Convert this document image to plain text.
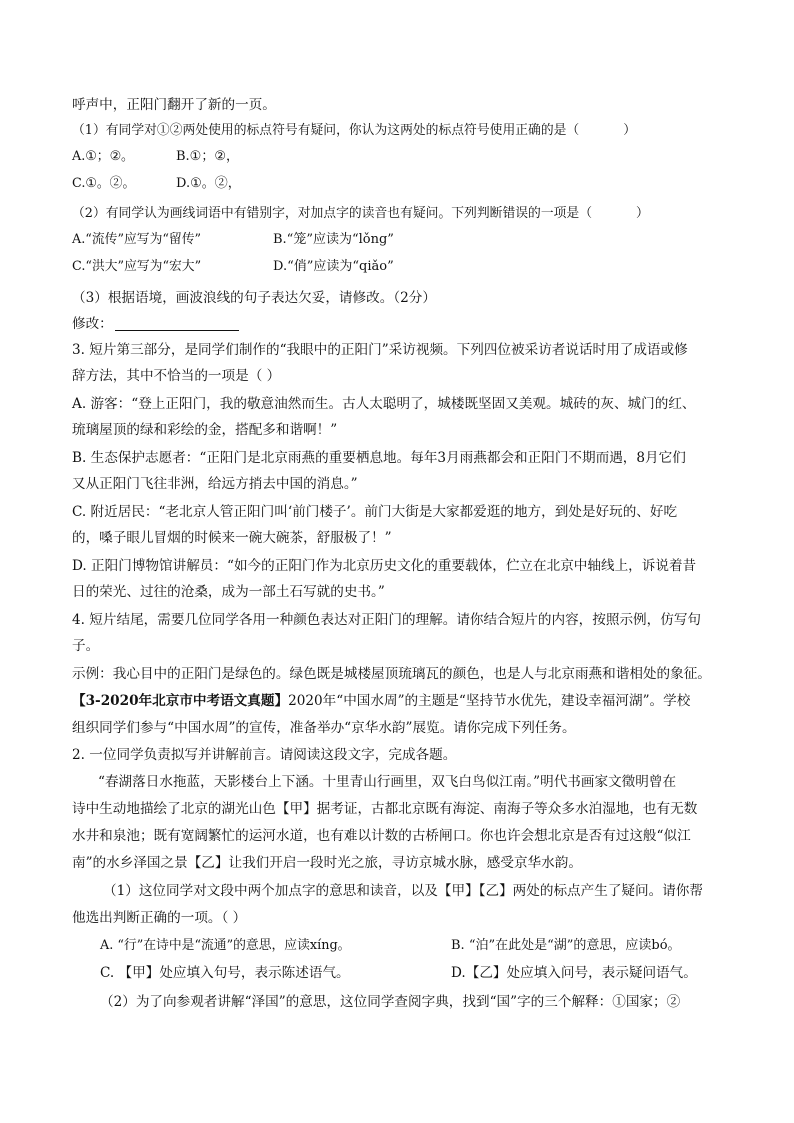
呼声中，正阳门翻开了新的一页。
（1）有同学对①②两处使用的标点符号有疑问，你认为这两处的标点符号使用正确的是（	）
A.①；②。	B.①；②，
C.①。②。	D.①。②，
（2）有同学认为画线词语中有错别字，对加点字的读音也有疑问。下列判断错误的一项是（	）
A.“流传”应写为“留传”	B.“笼”应读为“lǒng”
C.“洪大”应写为“宏大”	D.“俏”应读为“qiǎo”
（3）根据语境，画波浪线的句子表达欠妥，请修改。（2分）
修改：
3. 短片第三部分，是同学们制作的“我眼中的正阳门”采访视频。下列四位被采访者说话时用了成语或修
辞方法，其中不恰当的一项是（ ）
A. 游客：“登上正阳门，我的敬意油然而生。古人太聪明了，城楼既坚固又美观。城砖的灰、城门的红、
琉璃屋顶的绿和彩绘的金，搭配多和谐啊！”
B. 生态保护志愿者：“正阳门是北京雨燕的重要栖息地。每年3月雨燕都会和正阳门不期而遇，8月它们
又从正阳门飞往非洲，给远方捎去中国的消息。”
C. 附近居民：“老北京人管正阳门叫‘前门楼子’。前门大街是大家都爱逛的地方，到处是好玩的、好吃
的，嗓子眼儿冒烟的时候来一碗大碗茶，舒服极了！”
D. 正阳门博物馆讲解员：“如今的正阳门作为北京历史文化的重要载体，伫立在北京中轴线上，诉说着昔
日的荣光、过往的沧桑，成为一部土石写就的史书。”
4. 短片结尾，需要几位同学各用一种颜色表达对正阳门的理解。请你结合短片的内容，按照示例，仿写句
子。
示例：我心目中的正阳门是绿色的。绿色既是城楼屋顶琉璃瓦的颜色，也是人与北京雨燕和谐相处的象征。
【3-2020年北京市中考语文真题】2020年“中国水周”的主题是“坚持节水优先，建设幸福河湖”。学校
组织同学们参与“中国水周”的宣传，准备举办“京华水韵”展览。请你完成下列任务。
2. 一位同学负责拟写并讲解前言。请阅读这段文字，完成各题。
“春湖落日水拖蓝，天影楼台上下涵。十里青山行画里，双飞白鸟似江南。”明代书画家文徵明曾在
诗中生动地描绘了北京的湖光山色【甲】据考证，古都北京既有海淀、南海子等众多水泊湿地，也有无数
水井和泉池；既有宽阔繁忙的运河水道，也有难以计数的古桥闸口。你也许会想北京是否有过这般“似江
南”的水乡泽国之景【乙】让我们开启一段时光之旅，寻访京城水脉，感受京华水韵。
（1）这位同学对文段中两个加点字的意思和读音，以及【甲】【乙】两处的标点产生了疑问。请你帮
他选出判断正确的一项。（ ）
A. “行”在诗中是“流通”的意思，应读xíng。	B. “泊”在此处是“湖”的意思，应读bó。
C. 【甲】处应填入句号，表示陈述语气。	D.【乙】处应填入问号，表示疑问语气。
（2）为了向参观者讲解“泽国”的意思，这位同学查阅字典，找到“国”字的三个解释：①国家；②
